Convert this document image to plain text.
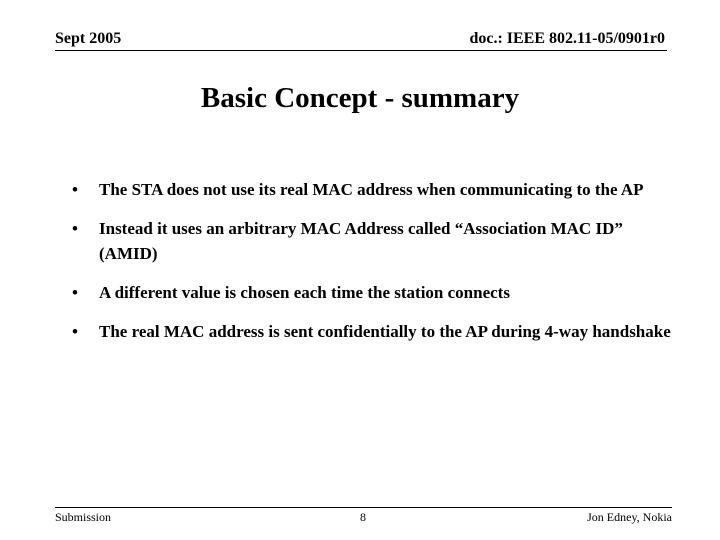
Sept 2005	doc.: IEEE 802.11-05/0901r0
Basic Concept - summary
• The STA does not use its real MAC address when communicating to the AP
• Instead it uses an arbitrary MAC Address called “Association MAC ID” (AMID)
• A different value is chosen each time the station connects
• The real MAC address is sent confidentially to the AP during 4-way handshake
Submission	8	Jon Edney, Nokia
